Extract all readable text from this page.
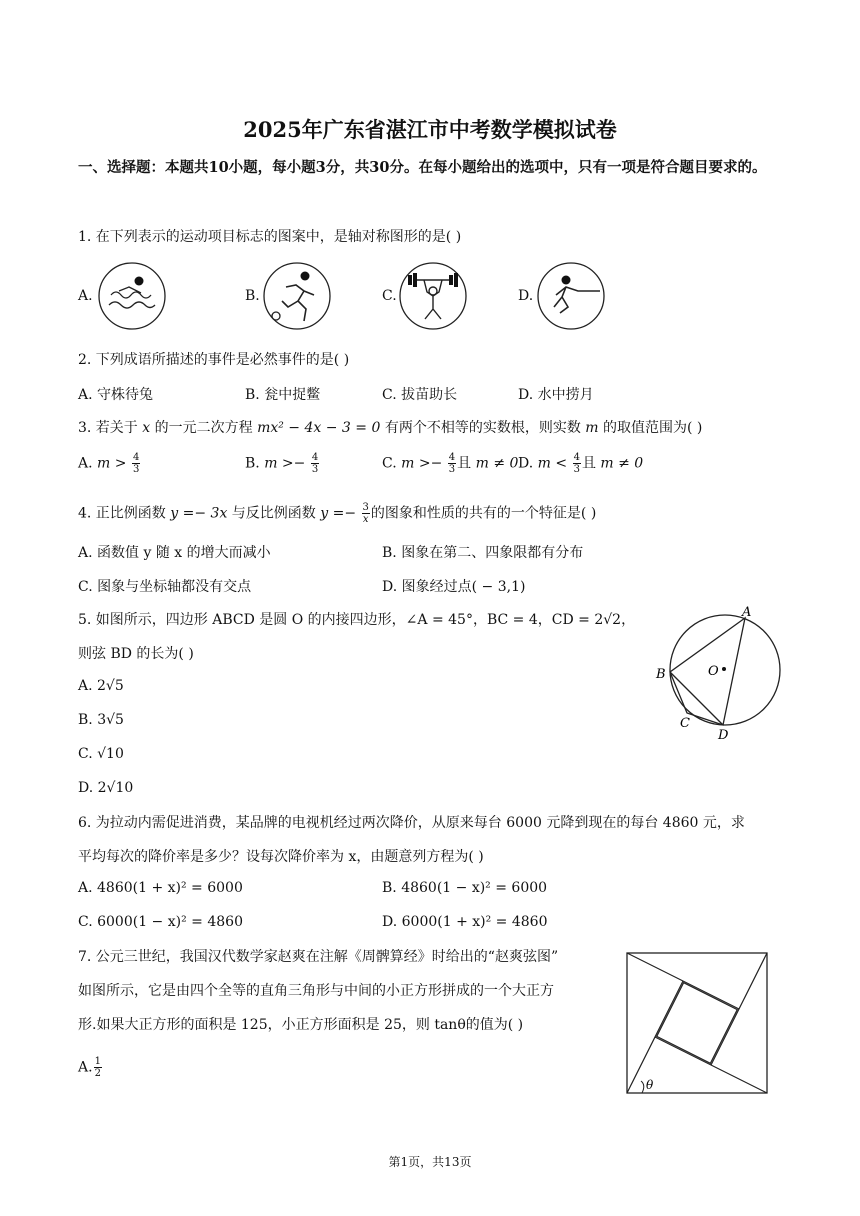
2025年广东省湛江市中考数学模拟试卷
一、选择题：本题共10小题，每小题3分，共30分。在每小题给出的选项中，只有一项是符合题目要求的。
1. 在下列表示的运动项目标志的图案中，是轴对称图形的是( )
A.	B.	C.	D.
2. 下列成语所描述的事件是必然事件的是( )
A. 守株待兔	B. 瓮中捉鳖	C. 拔苗助长	D. 水中捞月
3. 若关于 x 的一元二次方程 mx² − 4x − 3 = 0 有两个不相等的实数根，则实数 m 的取值范围为( )
A. $m > \frac{4}{3}$	B. $m >- \frac{4}{3}$	C. $m >- \frac{4}{3}$ 且 m ≠ 0 D. $m < \frac{4}{3}$ 且 m ≠ 0
4. 正比例函数 y =− 3x 与反比例函数 $y =- \frac{3}{x}$ 的图象和性质的共有的一个特征是( )
A. 函数值 y 随 x 的增大而减小	B. 图象在第二、四象限都有分布
C. 图象与坐标轴都没有交点	D. 图象经过点( − 3,1)
5. 如图所示，四边形 ABCD 是圆 O 的内接四边形，∠A = 45°，BC = 4，CD = 2√2，
则弦 BD 的长为( )
A. 2√5
B. 3√5
C. √10
D. 2√10
A
B
C
D
O
6. 为拉动内需促进消费，某品牌的电视机经过两次降价，从原来每台 6000 元降到现在的每台 4860 元，求
平均每次的降价率是多少？设每次降价率为 x，由题意列方程为( )
A. 4860(1 + x)² = 6000	B. 4860(1 − x)² = 6000
C. 6000(1 − x)² = 4860	D. 6000(1 + x)² = 4860
7. 公元三世纪，我国汉代数学家赵爽在注解《周髀算经》时给出的“赵爽弦图”
如图所示，它是由四个全等的直角三角形与中间的小正方形拼成的一个大正方
形.如果大正方形的面积是 125，小正方形面积是 25，则 tanθ的值为( )
A. $\frac{1}{2}$
θ
第1页，共13页
